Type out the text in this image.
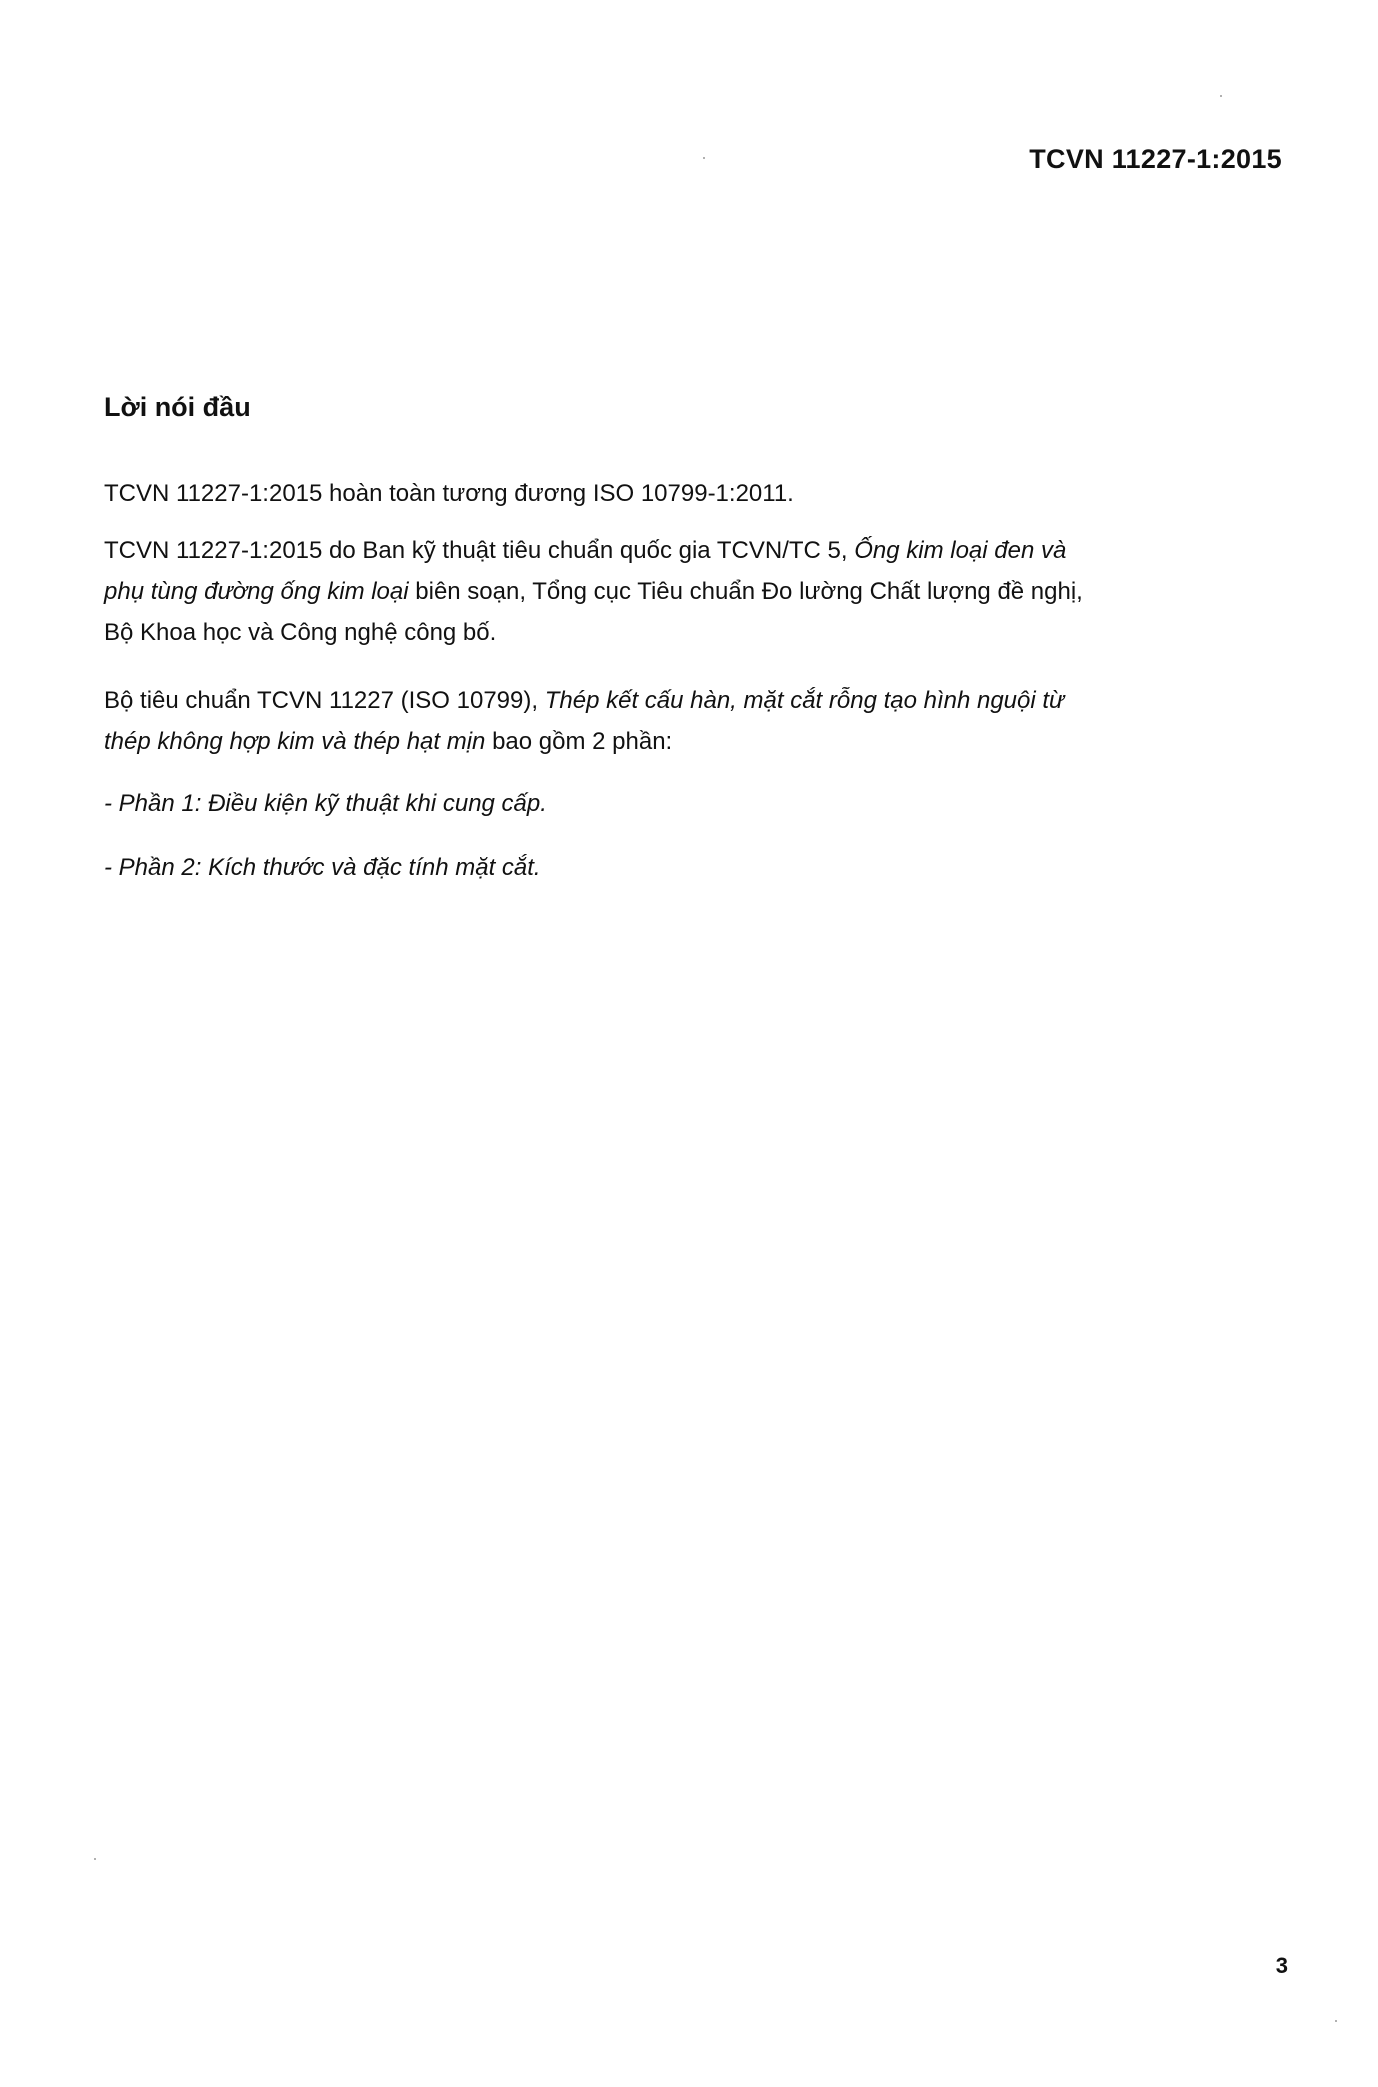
TCVN 11227-1:2015
Lời nói đầu
TCVN 11227-1:2015 hoàn toàn tương đương ISO 10799-1:2011.
TCVN 11227-1:2015 do Ban kỹ thuật tiêu chuẩn quốc gia TCVN/TC 5, Ống kim loại đen và phụ tùng đường ống kim loại biên soạn, Tổng cục Tiêu chuẩn Đo lường Chất lượng đề nghị, Bộ Khoa học và Công nghệ công bố.
Bộ tiêu chuẩn TCVN 11227 (ISO 10799), Thép kết cấu hàn, mặt cắt rỗng tạo hình nguội từ thép không hợp kim và thép hạt mịn bao gồm 2 phần:
- Phần 1: Điều kiện kỹ thuật khi cung cấp.
- Phần 2: Kích thước và đặc tính mặt cắt.
3
